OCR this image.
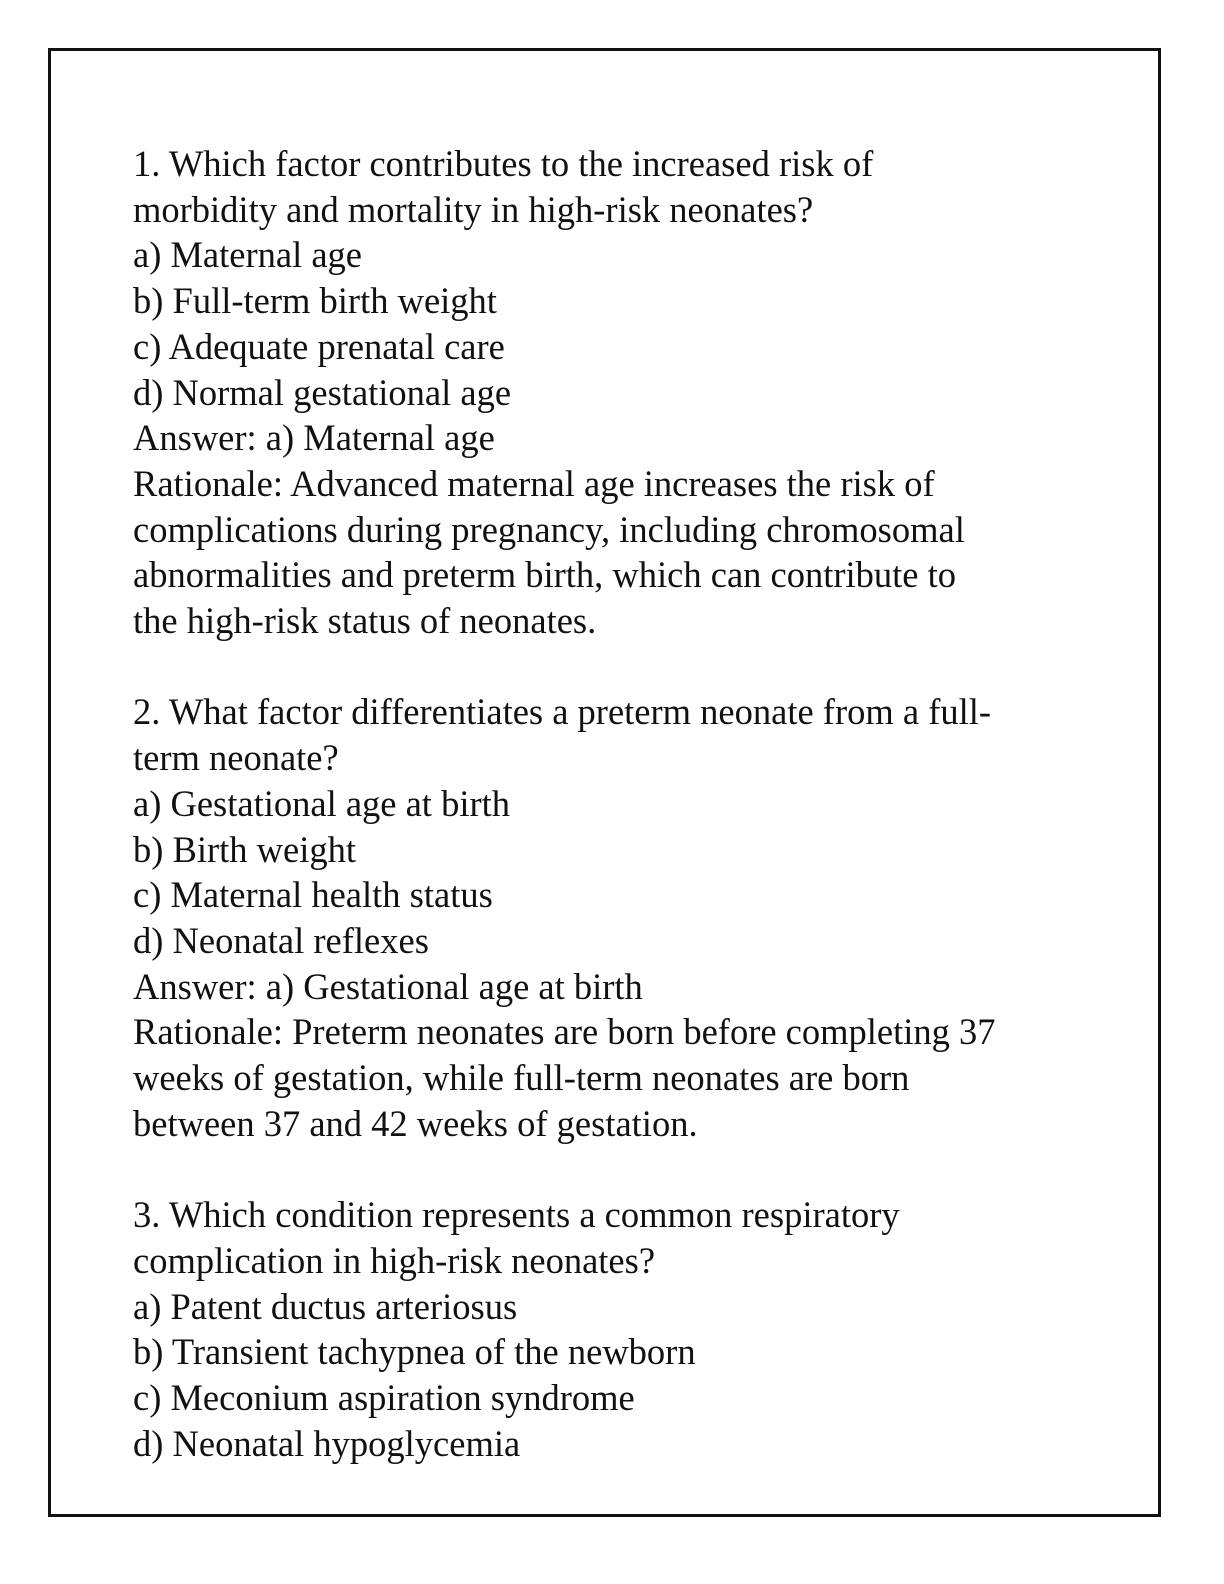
1. Which factor contributes to the increased risk of
morbidity and mortality in high-risk neonates?
a) Maternal age
b) Full-term birth weight
c) Adequate prenatal care
d) Normal gestational age
Answer: a) Maternal age
Rationale: Advanced maternal age increases the risk of
complications during pregnancy, including chromosomal
abnormalities and preterm birth, which can contribute to
the high-risk status of neonates.
2. What factor differentiates a preterm neonate from a full-
term neonate?
a) Gestational age at birth
b) Birth weight
c) Maternal health status
d) Neonatal reflexes
Answer: a) Gestational age at birth
Rationale: Preterm neonates are born before completing 37
weeks of gestation, while full-term neonates are born
between 37 and 42 weeks of gestation.
3. Which condition represents a common respiratory
complication in high-risk neonates?
a) Patent ductus arteriosus
b) Transient tachypnea of the newborn
c) Meconium aspiration syndrome
d) Neonatal hypoglycemia
